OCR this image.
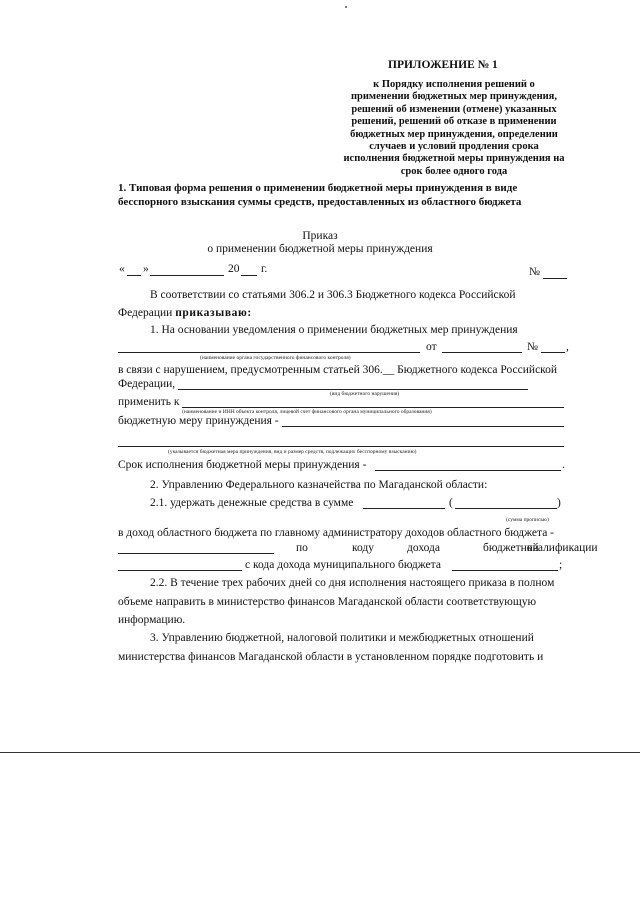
ПРИЛОЖЕНИЕ № 1
к Порядку исполнения решений о
применении бюджетных мер принуждения,
решений об изменении (отмене) указанных
решений, решений об отказе в применении
бюджетных мер принуждения, определении
случаев и условий продления срока
исполнения бюджетной меры принуждения на
срок более одного года
1. Типовая форма решения о применении бюджетной меры принуждения в виде
бесспорного взыскания суммы средств, предоставленных из областного бюджета
Приказ
о применении бюджетной меры принуждения
« »	20 г.	№
В соответствии со статьями 306.2 и 306.3 Бюджетного кодекса Российской
Федерации приказываю:
1. На основании уведомления о применении бюджетных мер принуждения
от	№ ,
(наименование органа государственного финансового контроля)
в связи с нарушением, предусмотренным статьей 306.__ Бюджетного кодекса Российской
Федерации,
(вид бюджетного нарушения)
применить к
(наименование и ИНН объекта контроля, лицевой счет финансового органа муниципального образования)
бюджетную меру принуждения -
(указывается бюджетная мера принуждения, вид и размер средств, подлежащих бесспорному взысканию)
Срок исполнения бюджетной меры принуждения -	.
2. Управлению Федерального казначейства по Магаданской области:
2.1. удержать денежные средства в сумме	(	)
(сумма прописью)
в доход областного бюджета по главному администратору доходов областного бюджета -
по	коду	дохода	бюджетной
квалификации
с кода дохода муниципального бюджета	;
2.2. В течение трех рабочих дней со дня исполнения настоящего приказа в полном
объеме направить в министерство финансов Магаданской области соответствующую
информацию.
3. Управлению бюджетной, налоговой политики и межбюджетных отношений
министерства финансов Магаданской области в установленном порядке подготовить и
